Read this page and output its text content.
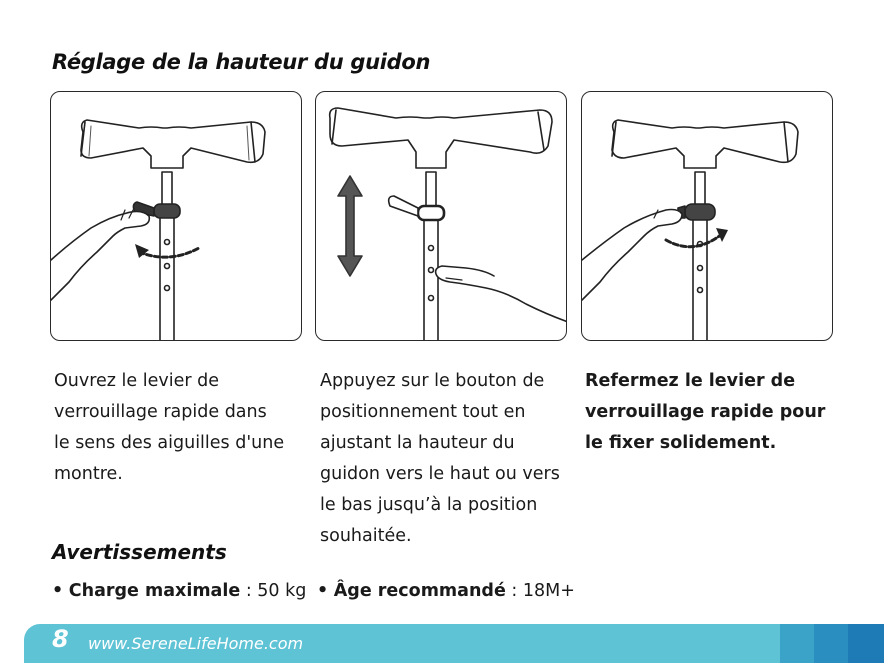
Réglage de la hauteur du guidon
Ouvrez le levier de
verrouillage rapide dans
le sens des aiguilles d'une
montre.
Appuyez sur le bouton de
positionnement tout en
ajustant la hauteur du
guidon vers le haut ou vers
le bas jusqu’à la position
souhaitée.
Refermez le levier de
verrouillage rapide pour
le fixer solidement.
Avertissements
• Charge maximale : 50 kg • Âge recommandé : 18M+
8 www.SereneLifeHome.com
